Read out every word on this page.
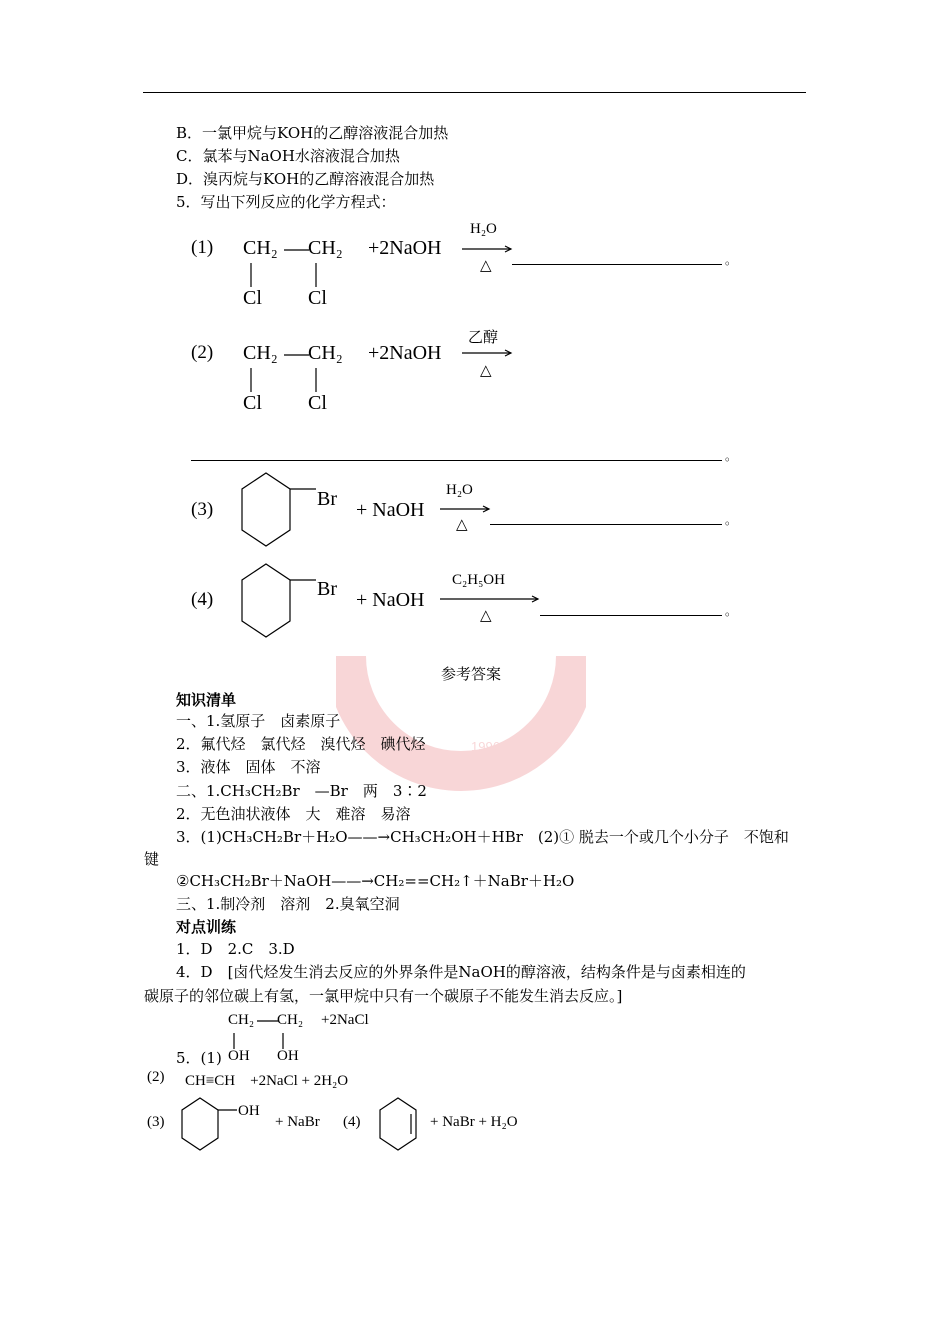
1996
B．一氯甲烷与KOH的乙醇溶液混合加热
C．氯苯与NaOH水溶液混合加热
D．溴丙烷与KOH的乙醇溶液混合加热
5．写出下列反应的化学方程式：
(1) CH₂ CH₂
Cl Cl
+2NaOH
H₂O
△	。
(2) CH₂ CH₂
Cl Cl
+2NaOH
乙醇
△
。
(3)	Br + NaOH
H₂O
△	。
(4)	Br + NaOH
C₂H₅OH
△	。
参考答案
知识清单
一、1.氢原子　卤素原子
2．氟代烃　氯代烃　溴代烃　碘代烃
3．液体　固体　不溶
二、1.CH₃CH₂Br　—Br　两　3∶2
2．无色油状液体　大　难溶　易溶
3．(1)CH₃CH₂Br＋H₂O——→CH₃CH₂OH＋HBr　(2)① 脱去一个或几个小分子　不饱和
键
②CH₃CH₂Br＋NaOH——→CH₂==CH₂↑＋NaBr＋H₂O
三、1.制冷剂　溶剂　2.臭氧空洞
对点训练
1．D　2.C　3.D
4．D　[卤代烃发生消去反应的外界条件是NaOH的醇溶液，结构条件是与卤素相连的
碳原子的邻位碳上有氢，一氯甲烷中只有一个碳原子不能发生消去反应。]
CH₂ CH₂ +2NaCl
5．(1) OH OH
(2) CH≡CH　+2NaCl + 2H₂O
(3)
OH
+ NaBr (4)	+ NaBr + H₂O
